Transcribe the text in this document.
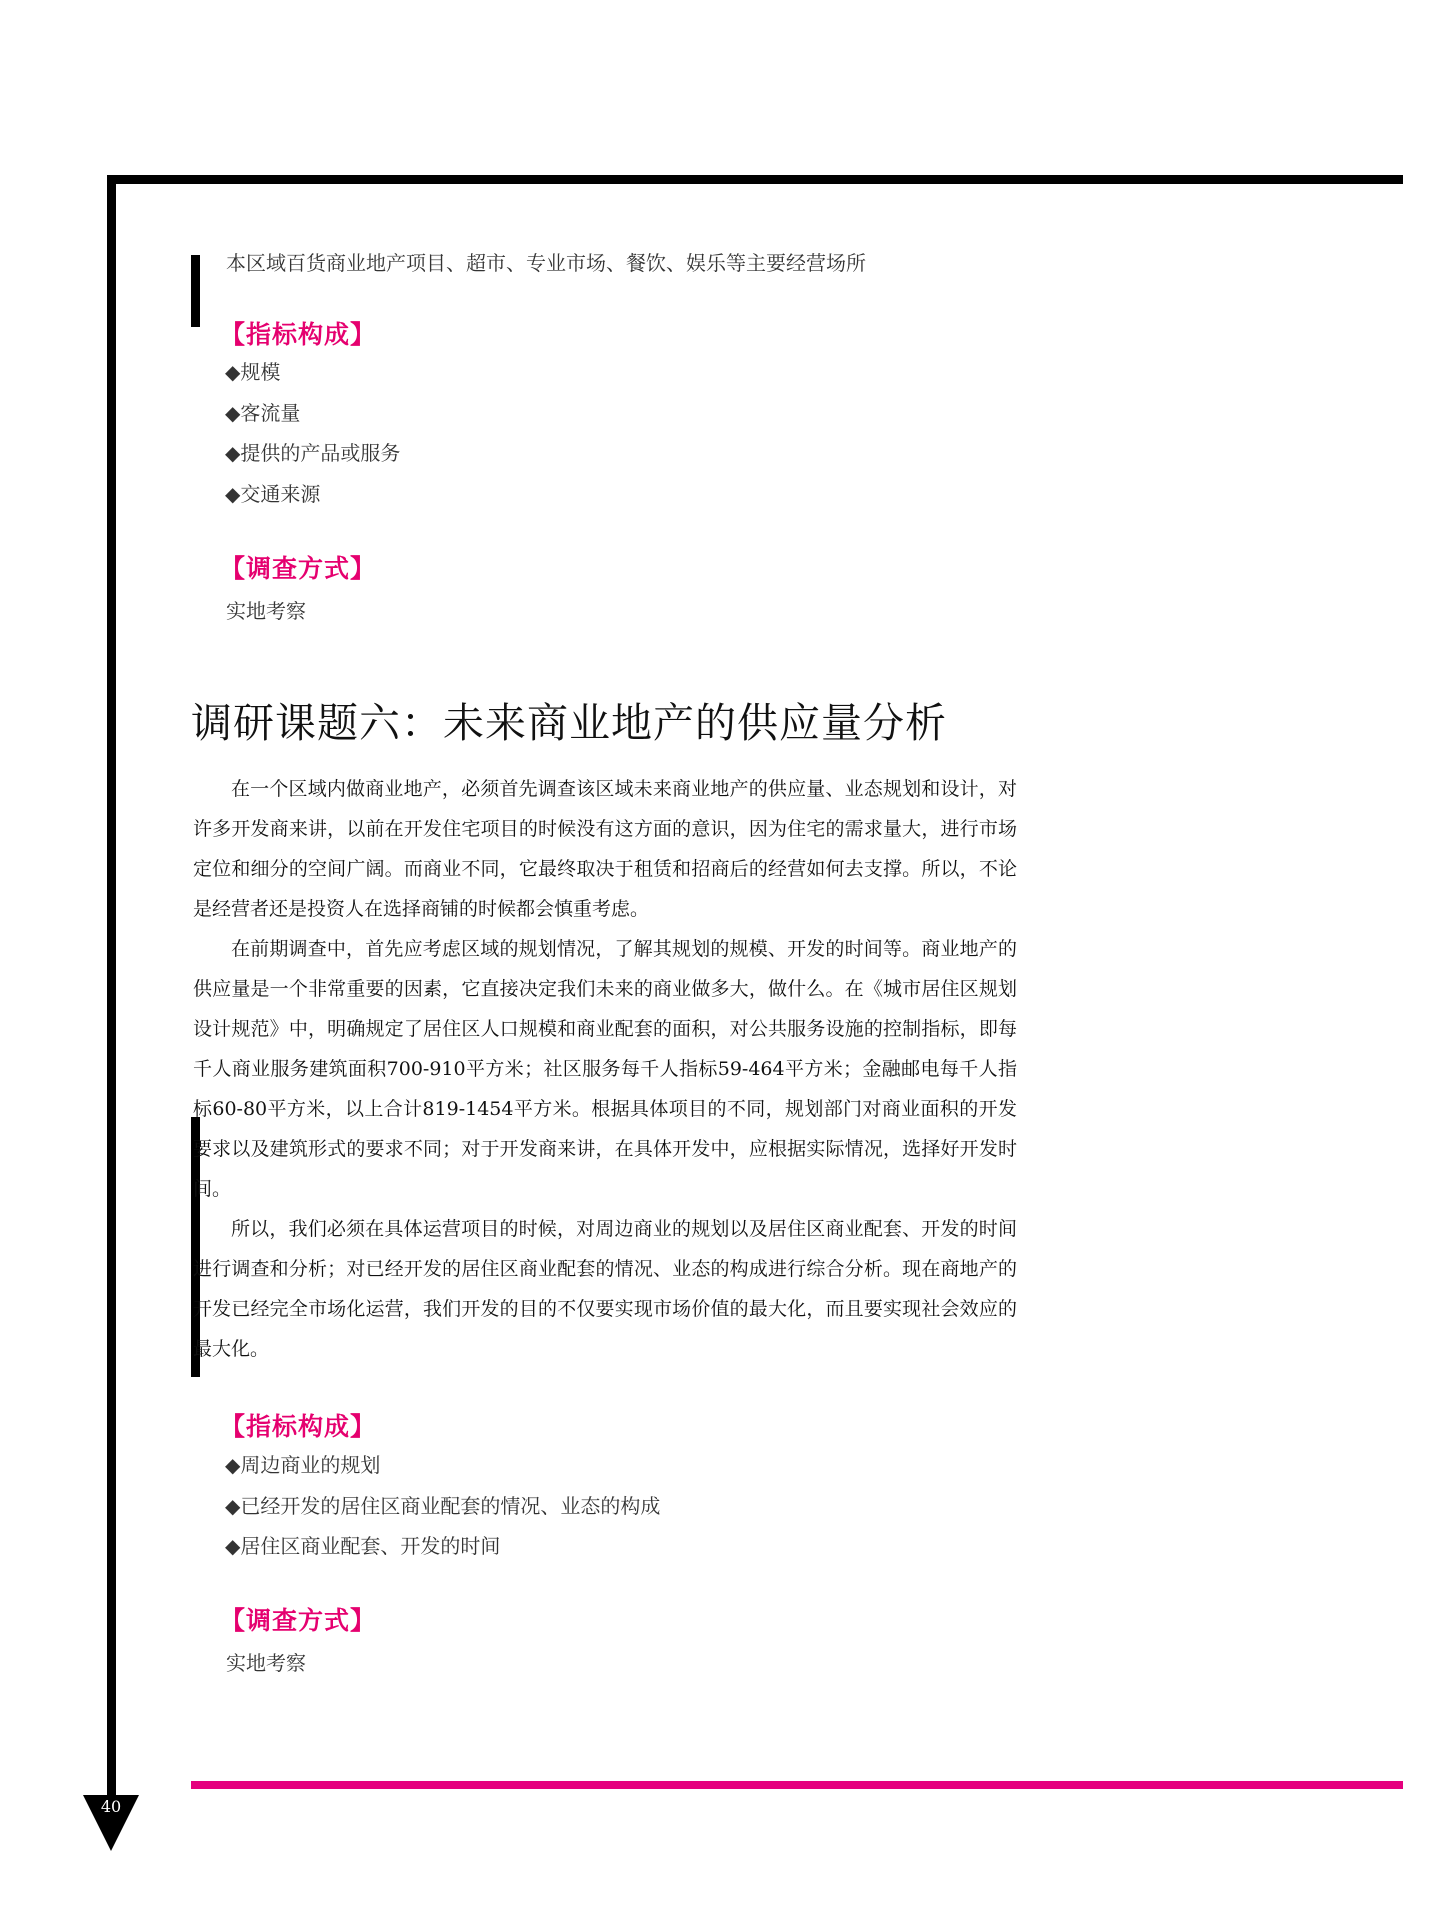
40
本区域百货商业地产项目、超市、专业市场、餐饮、娱乐等主要经营场所
【指标构成】
◆规模
◆客流量
◆提供的产品或服务
◆交通来源
【调查方式】
实地考察
调研课题六：未来商业地产的供应量分析

在一个区域内做商业地产，必须首先调查该区域未来商业地产的供应量、业态规划和设计，对许多开发商来讲，以前在开发住宅项目的时候没有这方面的意识，因为住宅的需求量大，进行市场定位和细分的空间广阔。而商业不同，它最终取决于租赁和招商后的经营如何去支撑。所以，不论是经营者还是投资人在选择商铺的时候都会慎重考虑。

在前期调查中，首先应考虑区域的规划情况，了解其规划的规模、开发的时间等。商业地产的供应量是一个非常重要的因素，它直接决定我们未来的商业做多大，做什么。在《城市居住区规划设计规范》中，明确规定了居住区人口规模和商业配套的面积，对公共服务设施的控制指标，即每千人商业服务建筑面积700-910平方米；社区服务每千人指标59-464平方米；金融邮电每千人指标60-80平方米，以上合计819-1454平方米。根据具体项目的不同，规划部门对商业面积的开发要求以及建筑形式的要求不同；对于开发商来讲，在具体开发中，应根据实际情况，选择好开发时间。

所以，我们必须在具体运营项目的时候，对周边商业的规划以及居住区商业配套、开发的时间进行调查和分析；对已经开发的居住区商业配套的情况、业态的构成进行综合分析。现在商地产的开发已经完全市场化运营，我们开发的目的不仅要实现市场价值的最大化，而且要实现社会效应的最大化。

【指标构成】
◆周边商业的规划
◆已经开发的居住区商业配套的情况、业态的构成
◆居住区商业配套、开发的时间
【调查方式】
实地考察
